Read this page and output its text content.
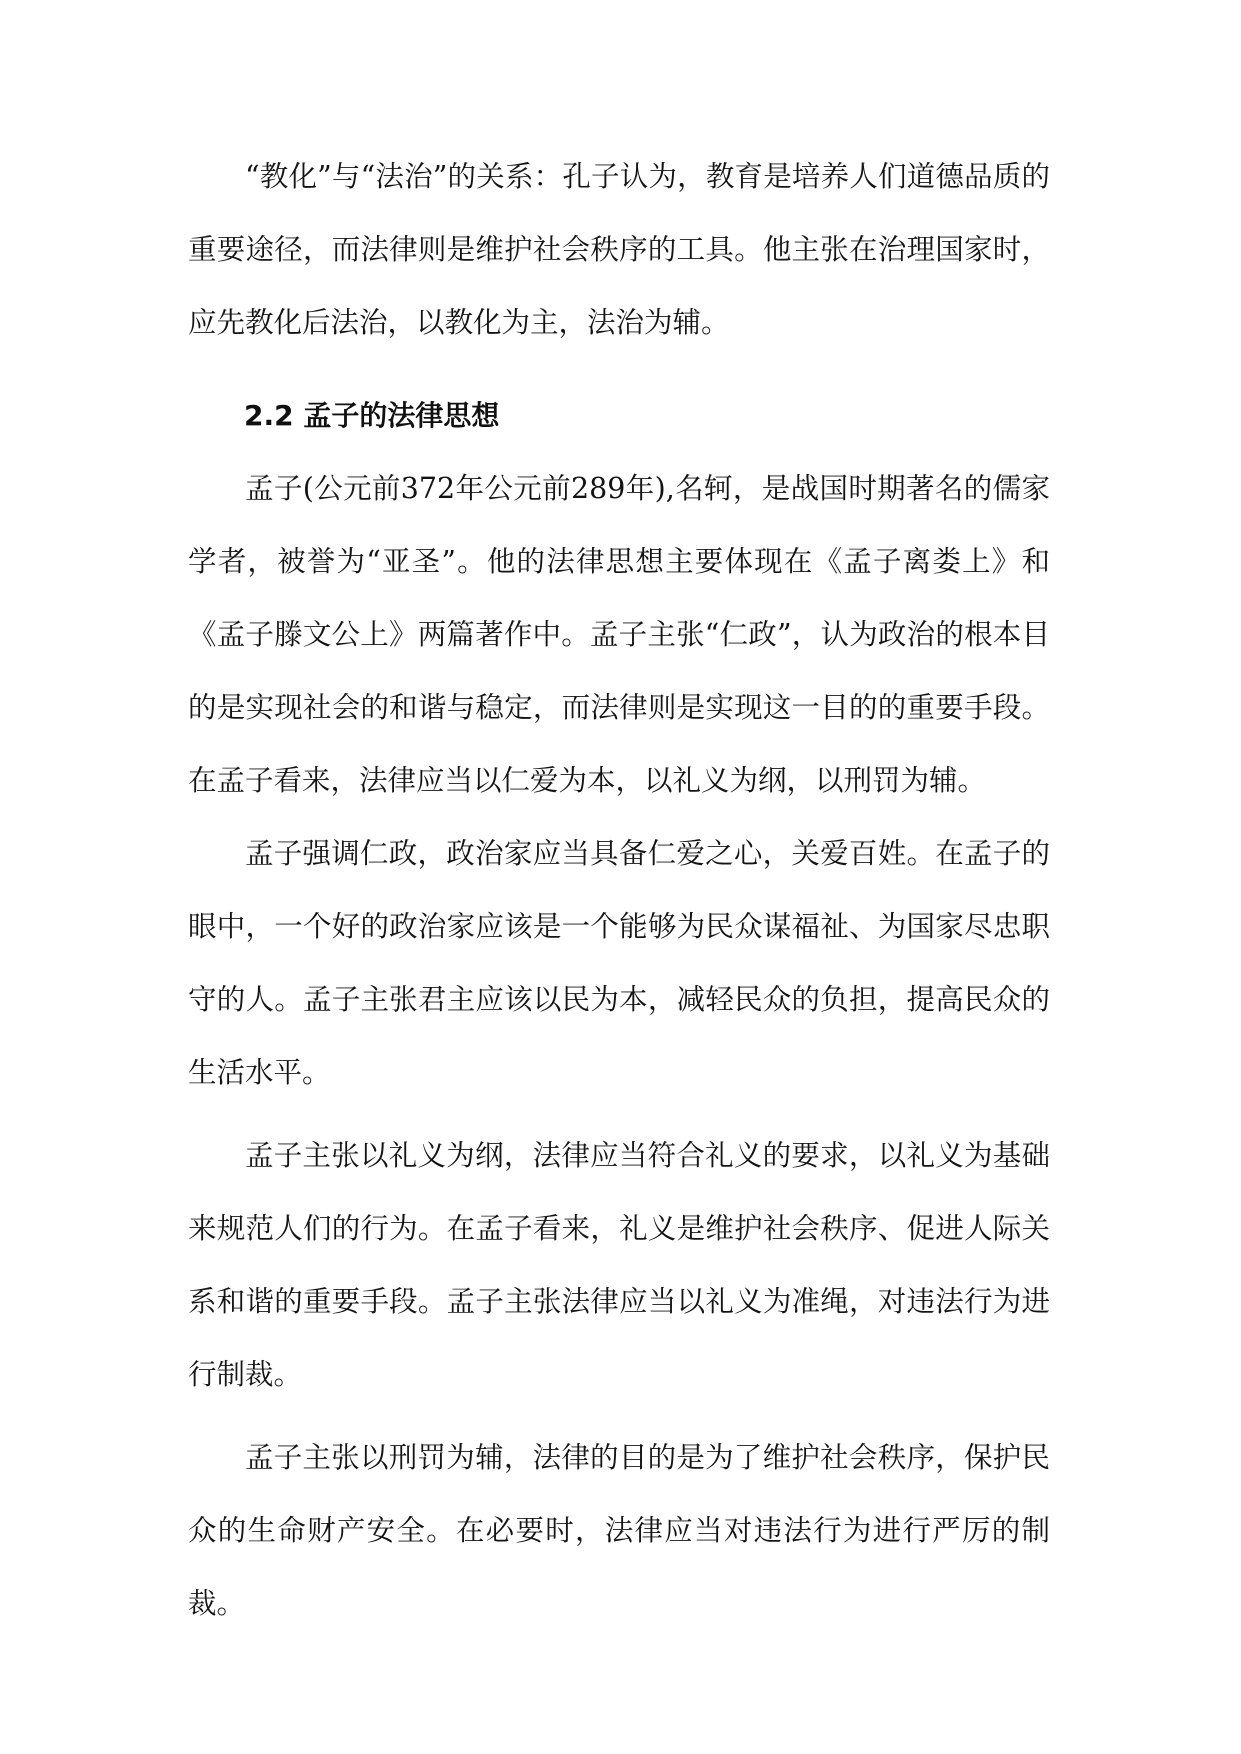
“教化”与“法治”的关系：孔子认为，教育是培养人们道德品质的重要途径，而法律则是维护社会秩序的工具。他主张在治理国家时，应先教化后法治，以教化为主，法治为辅。

2.2 孟子的法律思想

孟子(公元前372年公元前289年),名轲，是战国时期著名的儒家学者，被誉为“亚圣”。他的法律思想主要体现在《孟子离娄上》和《孟子滕文公上》两篇著作中。孟子主张“仁政”，认为政治的根本目的是实现社会的和谐与稳定，而法律则是实现这一目的的重要手段。在孟子看来，法律应当以仁爱为本，以礼义为纲，以刑罚为辅。

孟子强调仁政，政治家应当具备仁爱之心，关爱百姓。在孟子的眼中，一个好的政治家应该是一个能够为民众谋福祉、为国家尽忠职守的人。孟子主张君主应该以民为本，减轻民众的负担，提高民众的生活水平。

孟子主张以礼义为纲，法律应当符合礼义的要求，以礼义为基础来规范人们的行为。在孟子看来，礼义是维护社会秩序、促进人际关系和谐的重要手段。孟子主张法律应当以礼义为准绳，对违法行为进行制裁。

孟子主张以刑罚为辅，法律的目的是为了维护社会秩序，保护民众的生命财产安全。在必要时，法律应当对违法行为进行严厉的制裁。
